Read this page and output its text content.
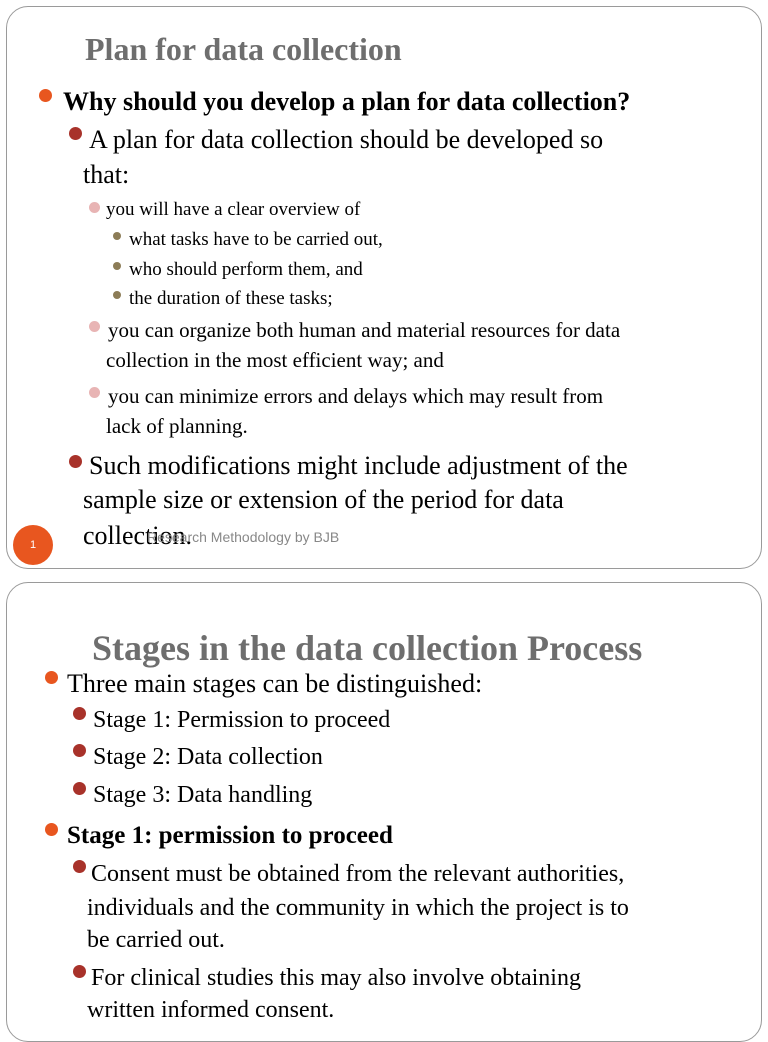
Plan for data collection

Why should you develop a plan for data collection?

A plan for data collection should be developed so

that:

you will have a clear overview of

what tasks have to be carried out,

who should perform them, and

the duration of these tasks;

you can organize both human and material resources for data

collection in the most efficient way; and

you can minimize errors and delays which may result from

lack of planning.

Such modifications might include adjustment of the

sample size or extension of the period for data

collection.

Research Methodology by BJB
1
Stages in the data collection Process

Three main stages can be distinguished:

Stage 1: Permission to proceed

Stage 2: Data collection

Stage 3: Data handling

Stage 1: permission to proceed

Consent must be obtained from the relevant authorities,

individuals and the community in which the project is to

be carried out.

For clinical studies this may also involve obtaining

written informed consent.
